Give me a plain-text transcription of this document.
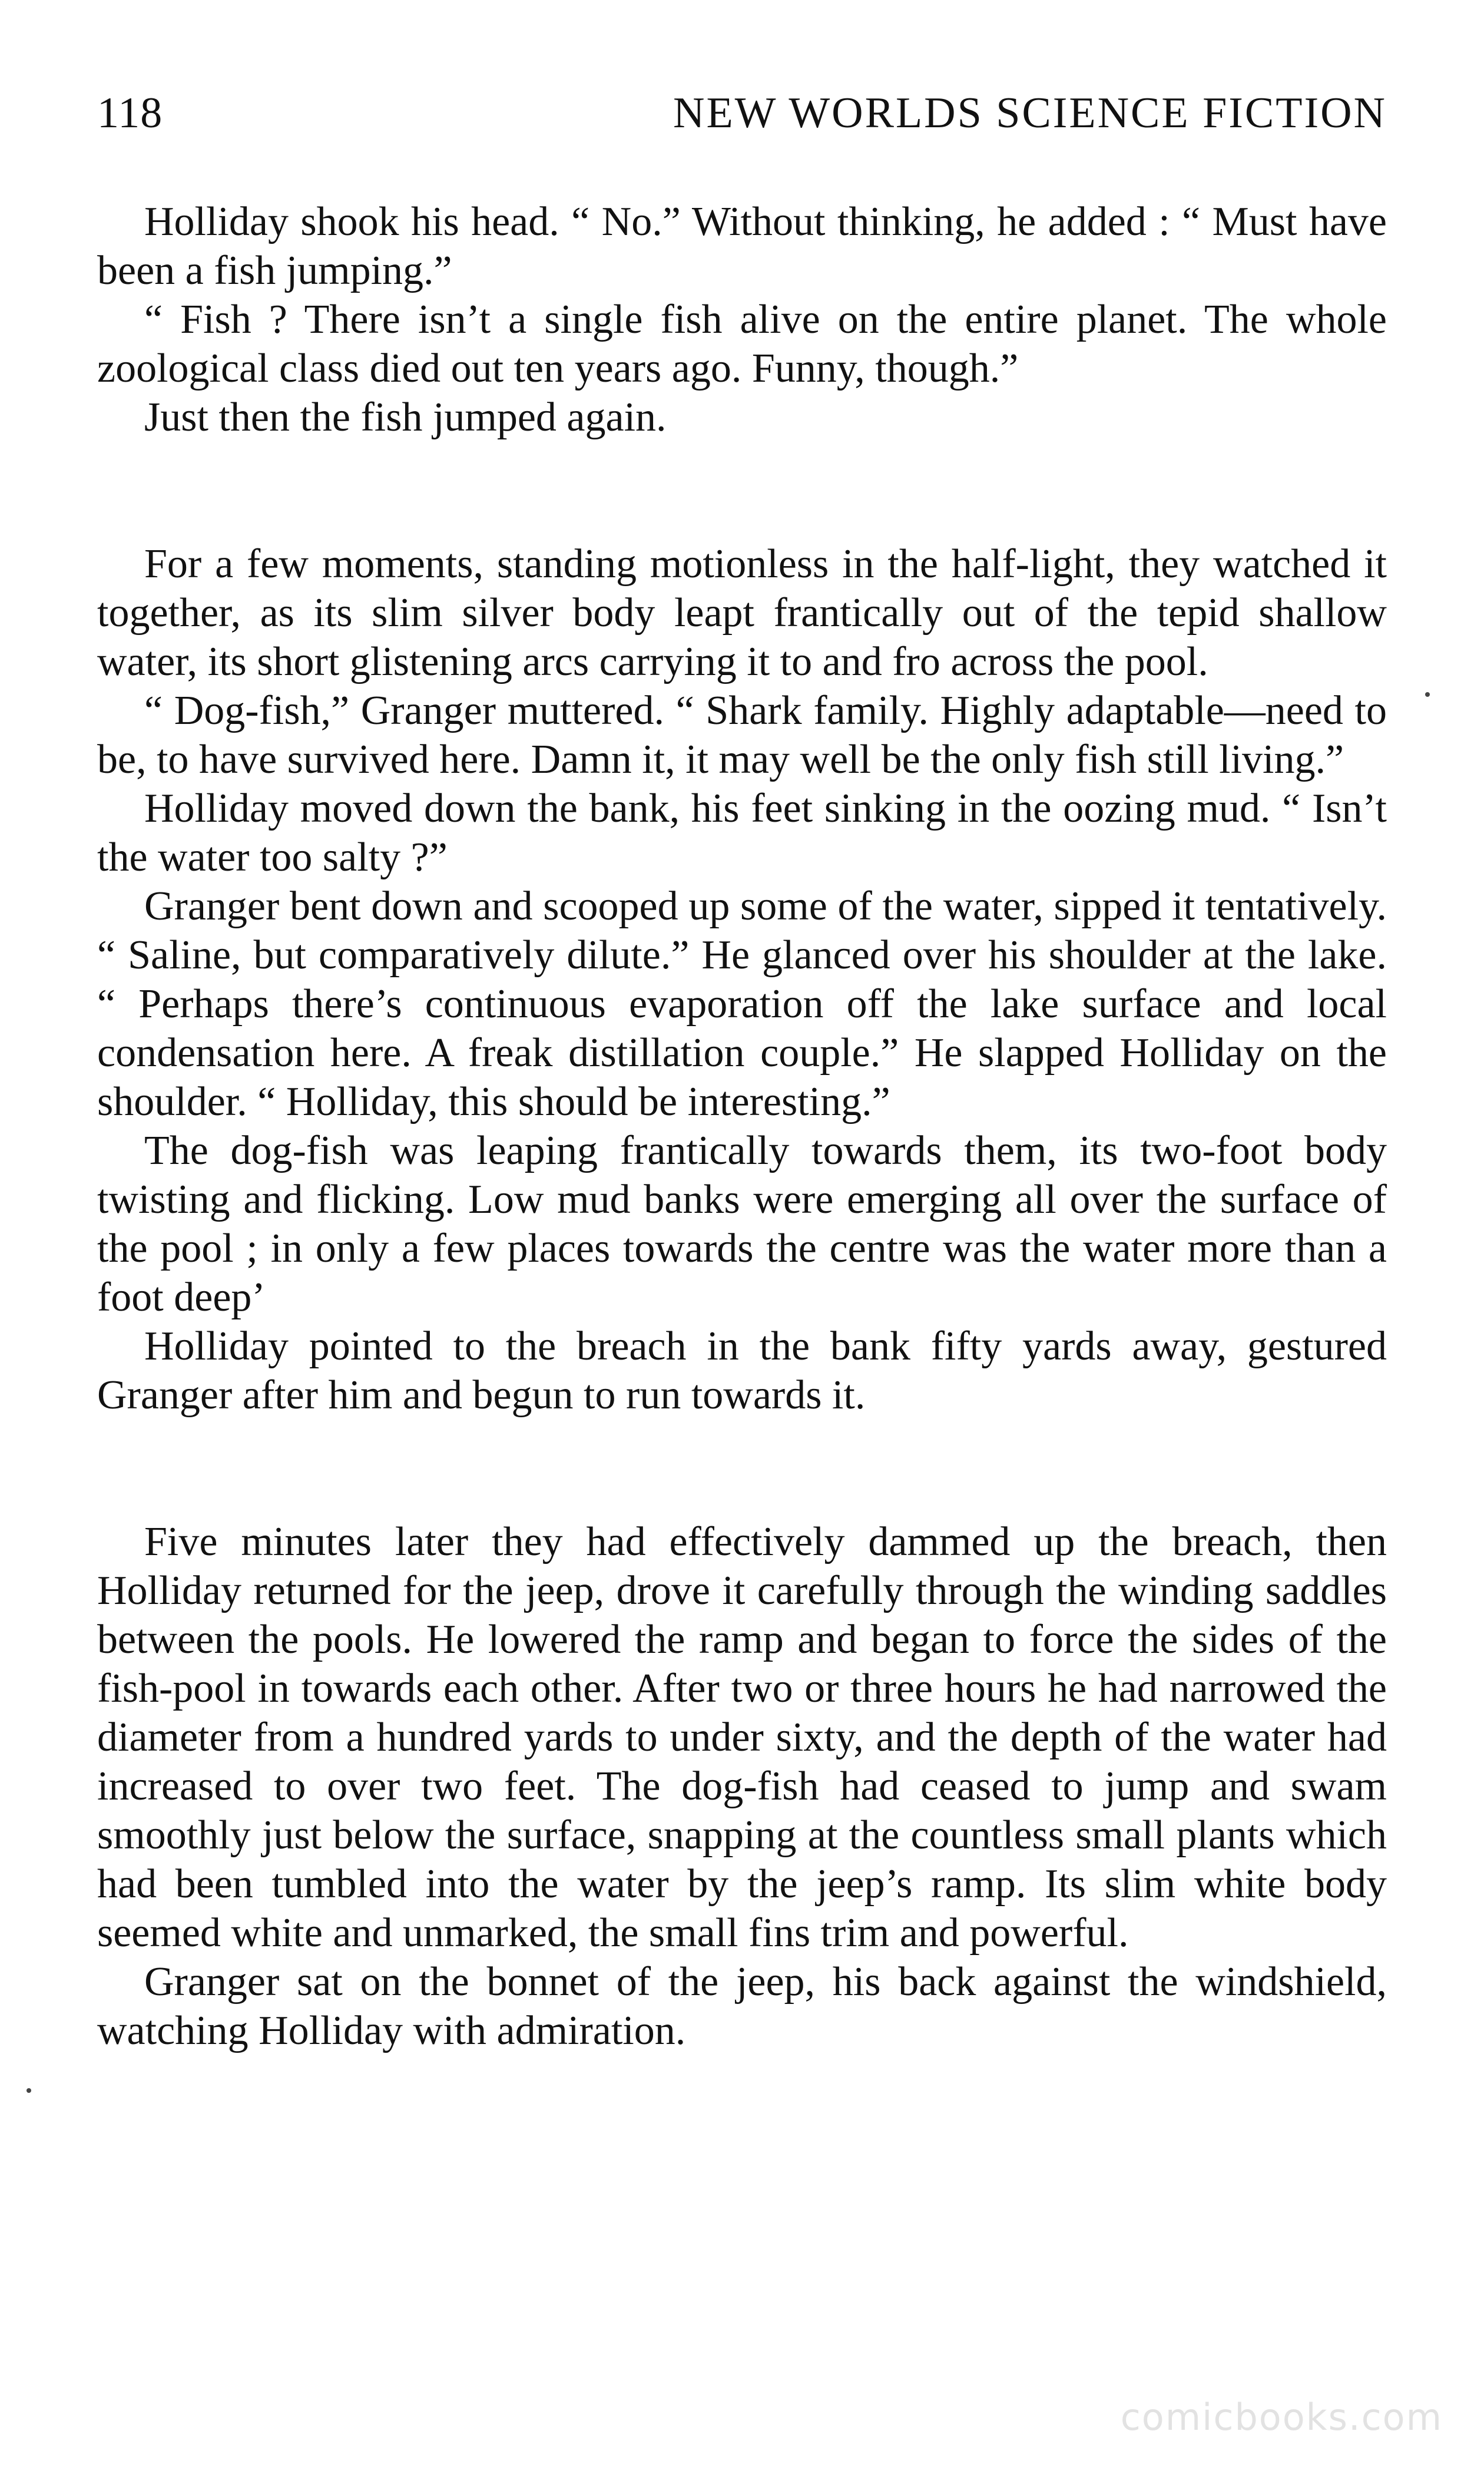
118	NEW WORLDS SCIENCE FICTION

Holliday shook his head. “ No.” Without thinking, he added : “ Must have been a fish jumping.”

“ Fish ? There isn’t a single fish alive on the entire planet. The whole zoological class died out ten years ago. Funny, though.”

Just then the fish jumped again.

For a few moments, standing motionless in the half-light, they watched it together, as its slim silver body leapt frantically out of the tepid shallow water, its short glistening arcs carrying it to and fro across the pool.

“ Dog-fish,” Granger muttered. “ Shark family. Highly adaptable—need to be, to have survived here. Damn it, it may well be the only fish still living.”

Holliday moved down the bank, his feet sinking in the oozing mud. “ Isn’t the water too salty ?”

Granger bent down and scooped up some of the water, sipped it tentatively. “ Saline, but comparatively dilute.” He glanced over his shoulder at the lake. “ Perhaps there’s continuous evaporation off the lake surface and local condensation here. A freak distillation couple.” He slapped Holliday on the shoulder. “ Holliday, this should be interesting.”

The dog-fish was leaping frantically towards them, its two-foot body twisting and flicking. Low mud banks were emerging all over the surface of the pool ; in only a few places towards the centre was the water more than a foot deep’

Holliday pointed to the breach in the bank fifty yards away, gestured Granger after him and begun to run towards it.

Five minutes later they had effectively dammed up the breach, then Holliday returned for the jeep, drove it carefully through the winding saddles between the pools. He lowered the ramp and began to force the sides of the fish-pool in towards each other. After two or three hours he had narrowed the diameter from a hundred yards to under sixty, and the depth of the water had increased to over two feet. The dog-fish had ceased to jump and swam smoothly just below the surface, snapping at the countless small plants which had been tumbled into the water by the jeep’s ramp. Its slim white body seemed white and unmarked, the small fins trim and powerful.

Granger sat on the bonnet of the jeep, his back against the windshield, watching Holliday with admiration.

comicbooks.com
